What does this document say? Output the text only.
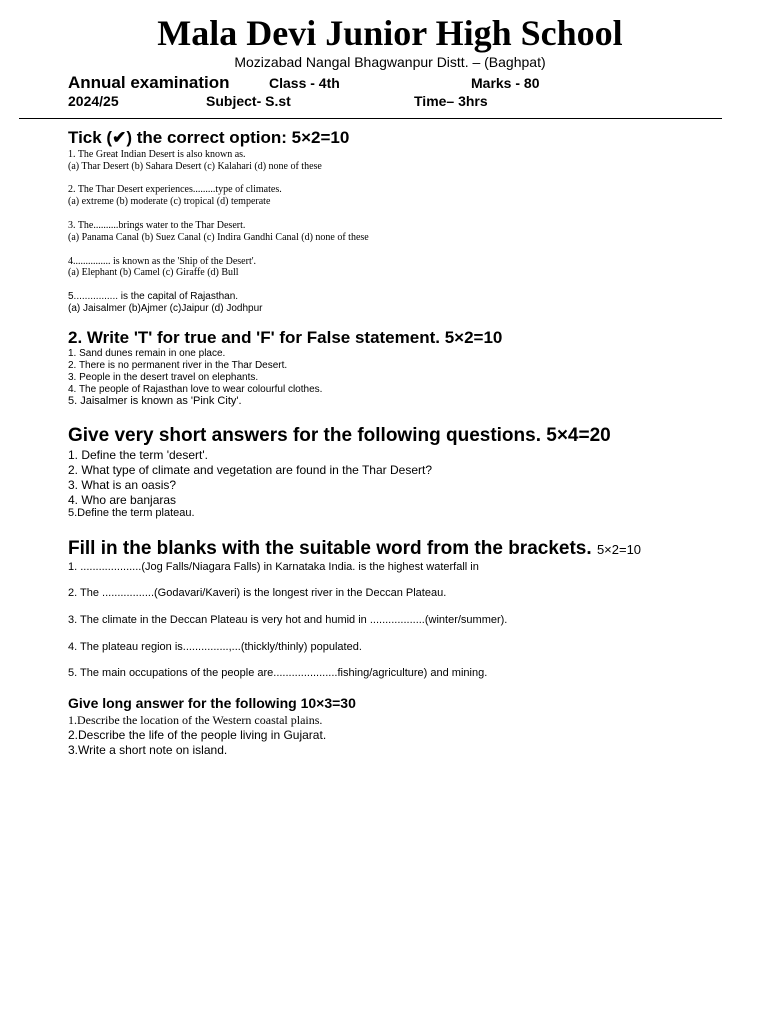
Mala Devi Junior High School
Mozizabad Nangal Bhagwanpur Distt. – (Baghpat)
Annual examination	Class - 4th	Marks - 80
2024/25	Subject- S.st	Time– 3hrs
Tick (✔) the correct option: 5×2=10
1. The Great Indian Desert is also known as.
(a) Thar Desert (b) Sahara Desert (c) Kalahari (d) none of these
2. The Thar Desert experiences.........type of climates.
(a) extreme (b) moderate (c) tropical (d) temperate
3. The..........brings water to the Thar Desert.
(a) Panama Canal (b) Suez Canal (c) Indira Gandhi Canal (d) none of these
4............... is known as the 'Ship of the Desert'.
(a) Elephant (b) Camel (c) Giraffe (d) Bull
5................ is the capital of Rajasthan.
(a) Jaisalmer (b)Ajmer (c)Jaipur (d) Jodhpur
2. Write 'T' for true and 'F' for False statement. 5×2=10
1. Sand dunes remain in one place.
2. There is no permanent river in the Thar Desert.
3. People in the desert travel on elephants.
4. The people of Rajasthan love to wear colourful clothes.
5. Jaisalmer is known as 'Pink City'.
Give very short answers for the following questions. 5×4=20
1. Define the term 'desert'.
2. What type of climate and vegetation are found in the Thar Desert?
3. What is an oasis?
4. Who are banjaras
5.Define the term plateau.
Fill in the blanks with the suitable word from the brackets. 5×2=10
1. ....................(Jog Falls/Niagara Falls) in Karnataka India. is the highest waterfall in
2. The .................(Godavari/Kaveri) is the longest river in the Deccan Plateau.
3. The climate in the Deccan Plateau is very hot and humid in ..................(winter/summer).
4. The plateau region is...............,...(thickly/thinly) populated.
5. The main occupations of the people are.....................fishing/agriculture) and mining.
Give long answer for the following 10×3=30
1.Describe the location of the Western coastal plains.
2.Describe the life of the people living in Gujarat.
3.Write a short note on island.
